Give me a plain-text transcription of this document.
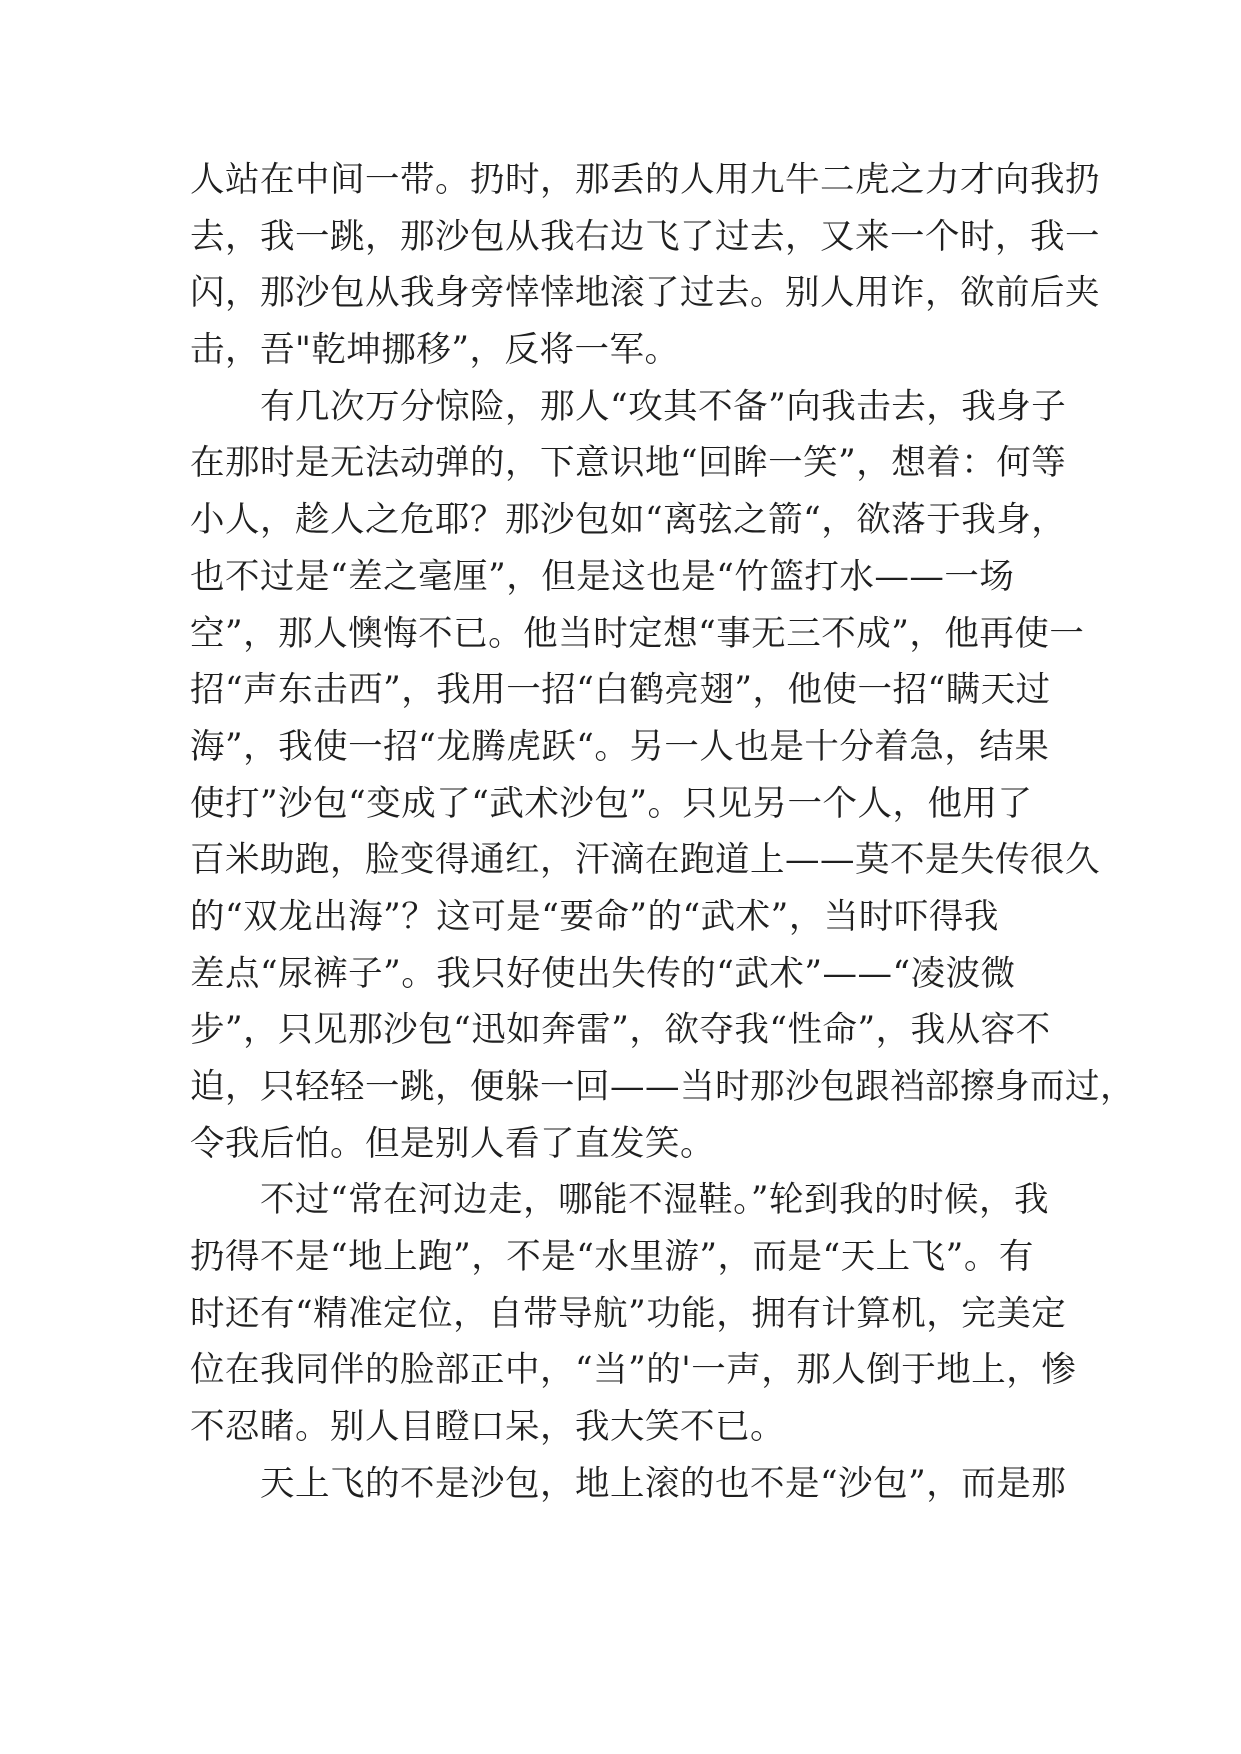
人站在中间一带。扔时，那丢的人用九牛二虎之力才向我扔
去，我一跳，那沙包从我右边飞了过去，又来一个时，我一
闪，那沙包从我身旁悻悻地滚了过去。别人用诈，欲前后夹
击，吾"乾坤挪移”，反将一军。
　　有几次万分惊险，那人“攻其不备”向我击去，我身子
在那时是无法动弹的，下意识地“回眸一笑”，想着：何等
小人，趁人之危耶？那沙包如“离弦之箭“，欲落于我身，
也不过是“差之毫厘”，但是这也是“竹篮打水——一场
空”，那人懊悔不已。他当时定想“事无三不成”，他再使一
招“声东击西”，我用一招“白鹤亮翅”，他使一招“瞒天过
海”，我使一招“龙腾虎跃“。另一人也是十分着急，结果
使打”沙包“变成了“武术沙包”。只见另一个人，他用了
百米助跑，脸变得通红，汗滴在跑道上——莫不是失传很久
的“双龙出海”？这可是“要命”的“武术”，当时吓得我
差点“尿裤子”。我只好使出失传的“武术”——“凌波微
步”，只见那沙包“迅如奔雷”，欲夺我“性命”，我从容不
迫，只轻轻一跳，便躲一回——当时那沙包跟裆部擦身而过，
令我后怕。但是别人看了直发笑。
　　不过“常在河边走，哪能不湿鞋。”轮到我的时候，我
扔得不是“地上跑”，不是“水里游”，而是“天上飞”。有
时还有“精准定位，自带导航”功能，拥有计算机，完美定
位在我同伴的脸部正中，“当”的'一声，那人倒于地上，惨
不忍睹。别人目瞪口呆，我大笑不已。
　　天上飞的不是沙包，地上滚的也不是“沙包”，而是那
